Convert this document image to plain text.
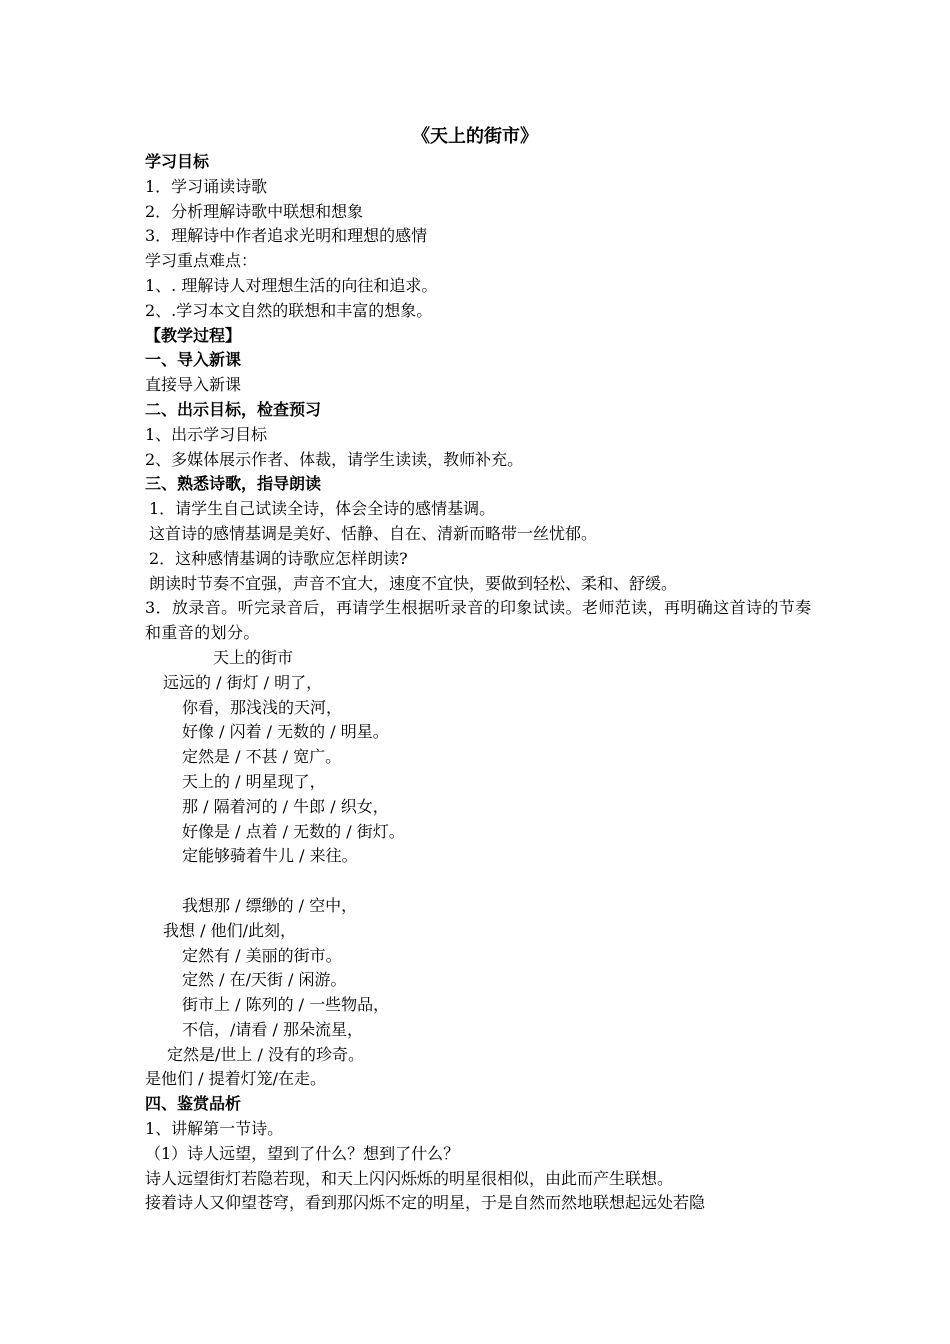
《天上的街市》

学习目标

1．学习诵读诗歌

2．分析理解诗歌中联想和想象

3．理解诗中作者追求光明和理想的感情

学习重点难点：

1、. 理解诗人对理想生活的向往和追求。

2、.学习本文自然的联想和丰富的想象。

【教学过程】

一、导入新课

直接导入新课

二、出示目标，检查预习

1、出示学习目标

2、多媒体展示作者、体裁，请学生读读，教师补充。

三、熟悉诗歌，指导朗读

1．请学生自己试读全诗，体会全诗的感情基调。

这首诗的感情基调是美好、恬静、自在、清新而略带一丝忧郁。

2．这种感情基调的诗歌应怎样朗读?

朗读时节奏不宜强，声音不宜大，速度不宜快，要做到轻松、柔和、舒缓。

3．放录音。听完录音后，再请学生根据听录音的印象试读。老师范读，再明确这首诗的节奏和重音的划分。

天上的街市

远远的 / 街灯 / 明了，

你看，那浅浅的天河，

好像 / 闪着 / 无数的 / 明星。

定然是 / 不甚 / 宽广。

天上的 / 明星现了，

那 / 隔着河的 / 牛郎 / 织女，

好像是 / 点着 / 无数的 / 街灯。

定能够骑着牛儿 / 来往。

我想那 / 缥缈的 / 空中，

我想 / 他们/此刻，

定然有 / 美丽的街市。

定然 / 在/天街 / 闲游。

街市上 / 陈列的 / 一些物品，

不信，/请看 / 那朵流星，

定然是/世上 / 没有的珍奇。

是他们 / 提着灯笼/在走。

四、鉴赏品析

1、讲解第一节诗。

（1）诗人远望，望到了什么？想到了什么？

诗人远望街灯若隐若现，和天上闪闪烁烁的明星很相似，由此而产生联想。

接着诗人又仰望苍穹，看到那闪烁不定的明星，于是自然而然地联想起远处若隐
